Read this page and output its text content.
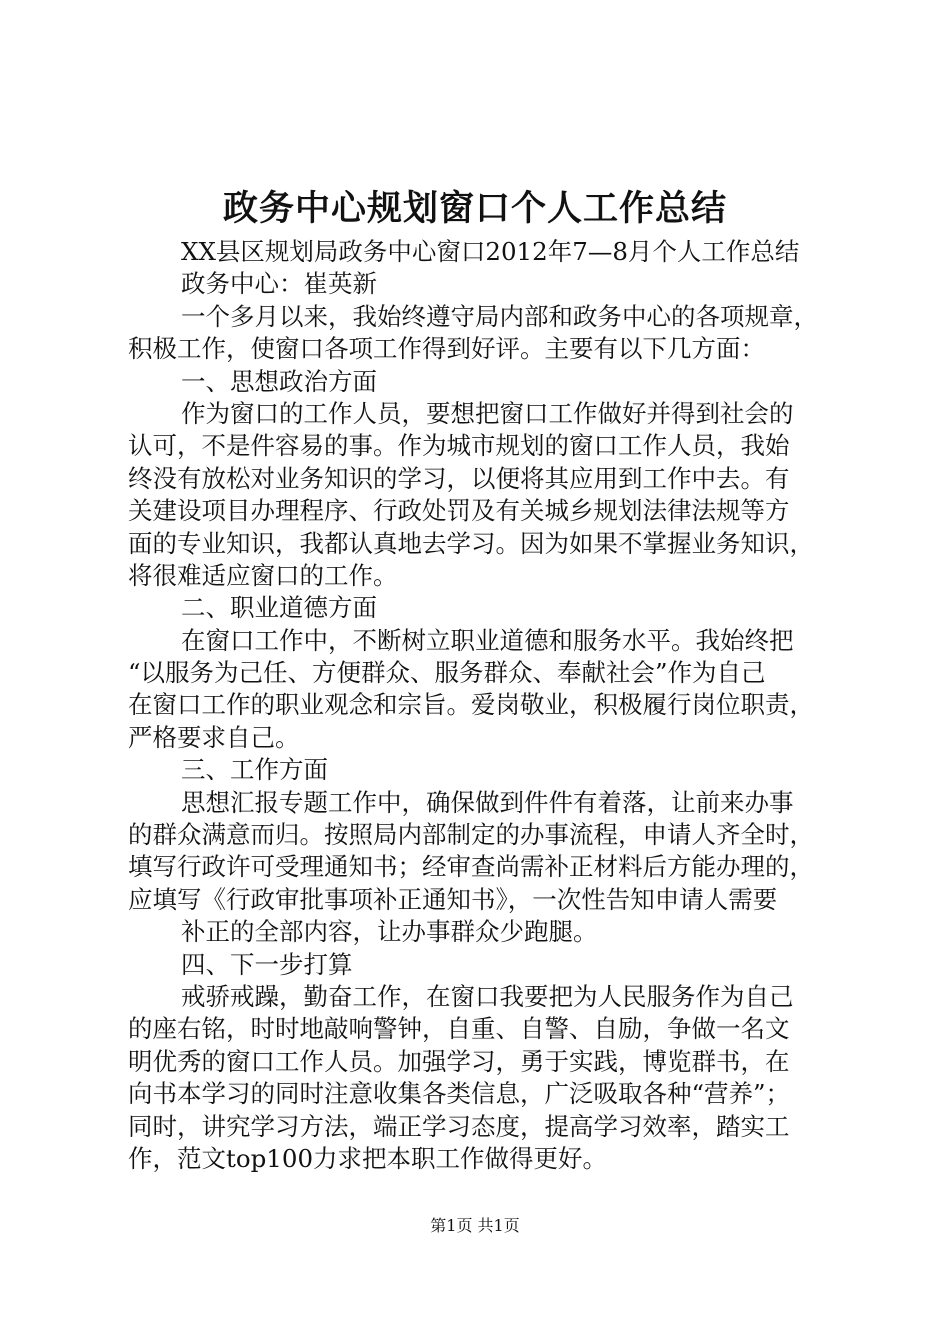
政务中心规划窗口个人工作总结
XX县区规划局政务中心窗口2012年7—8月个人工作总结
政务中心：崔英新
一个多月以来，我始终遵守局内部和政务中心的各项规章，
积极工作，使窗口各项工作得到好评。主要有以下几方面：
一、思想政治方面
作为窗口的工作人员，要想把窗口工作做好并得到社会的
认可，不是件容易的事。作为城市规划的窗口工作人员，我始
终没有放松对业务知识的学习，以便将其应用到工作中去。有
关建设项目办理程序、行政处罚及有关城乡规划法律法规等方
面的专业知识，我都认真地去学习。因为如果不掌握业务知识，
将很难适应窗口的工作。
二、职业道德方面
在窗口工作中，不断树立职业道德和服务水平。我始终把
“以服务为己任、方便群众、服务群众、奉献社会”作为自己
在窗口工作的职业观念和宗旨。爱岗敬业，积极履行岗位职责，
严格要求自己。
三、工作方面
思想汇报专题工作中，确保做到件件有着落，让前来办事
的群众满意而归。按照局内部制定的办事流程，申请人齐全时，
填写行政许可受理通知书；经审查尚需补正材料后方能办理的，
应填写《行政审批事项补正通知书》，一次性告知申请人需要
补正的全部内容，让办事群众少跑腿。
四、下一步打算
戒骄戒躁，勤奋工作，在窗口我要把为人民服务作为自己
的座右铭，时时地敲响警钟，自重、自警、自励，争做一名文
明优秀的窗口工作人员。加强学习，勇于实践，博览群书，在
向书本学习的同时注意收集各类信息，广泛吸取各种“营养”；
同时，讲究学习方法，端正学习态度，提高学习效率，踏实工
作，范文top100力求把本职工作做得更好。
第1页 共1页
